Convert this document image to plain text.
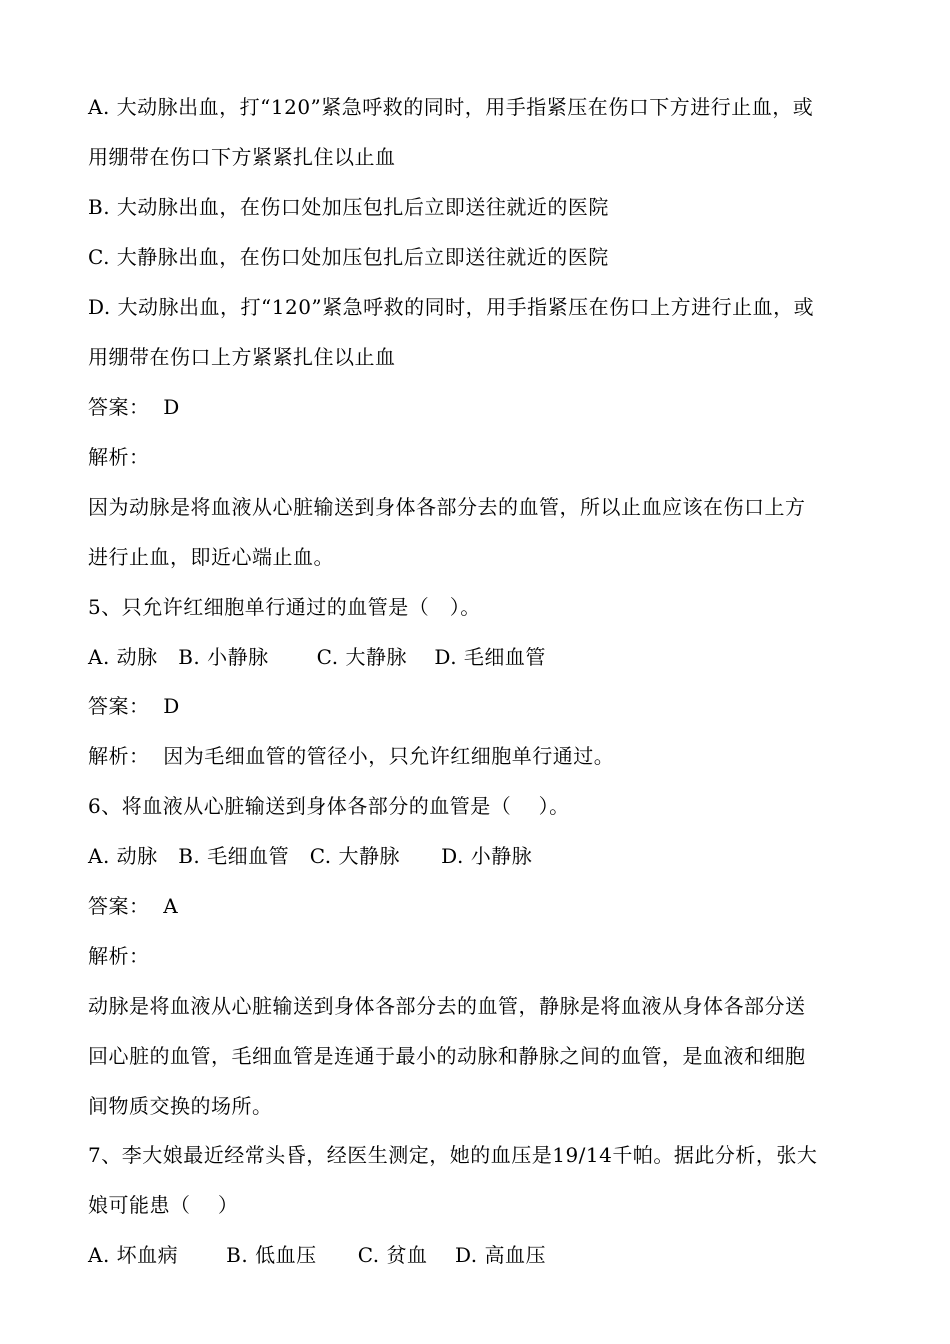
A. 大动脉出血，打“120”紧急呼救的同时，用手指紧压在伤口下方进行止血，或
用绷带在伤口下方紧紧扎住以止血
B. 大动脉出血，在伤口处加压包扎后立即送往就近的医院
C. 大静脉出血，在伤口处加压包扎后立即送往就近的医院
D. 大动脉出血，打“120”紧急呼救的同时，用手指紧压在伤口上方进行止血，或
用绷带在伤口上方紧紧扎住以止血
答案：  D
解析：
因为动脉是将血液从心脏输送到身体各部分去的血管，所以止血应该在伤口上方
进行止血，即近心端止血。
5、只允许红细胞单行通过的血管是（   ）。
A. 动脉   B. 小静脉       C. 大静脉    D. 毛细血管
答案：  D
解析：  因为毛细血管的管径小，只允许红细胞单行通过。
6、将血液从心脏输送到身体各部分的血管是（    ）。
A. 动脉   B. 毛细血管   C. 大静脉      D. 小静脉
答案：  A
解析：
动脉是将血液从心脏输送到身体各部分去的血管，静脉是将血液从身体各部分送
回心脏的血管，毛细血管是连通于最小的动脉和静脉之间的血管，是血液和细胞
间物质交换的场所。
7、李大娘最近经常头昏，经医生测定，她的血压是19/14千帕。据此分析，张大
娘可能患（    ）
A. 坏血病       B. 低血压      C. 贫血    D. 高血压
